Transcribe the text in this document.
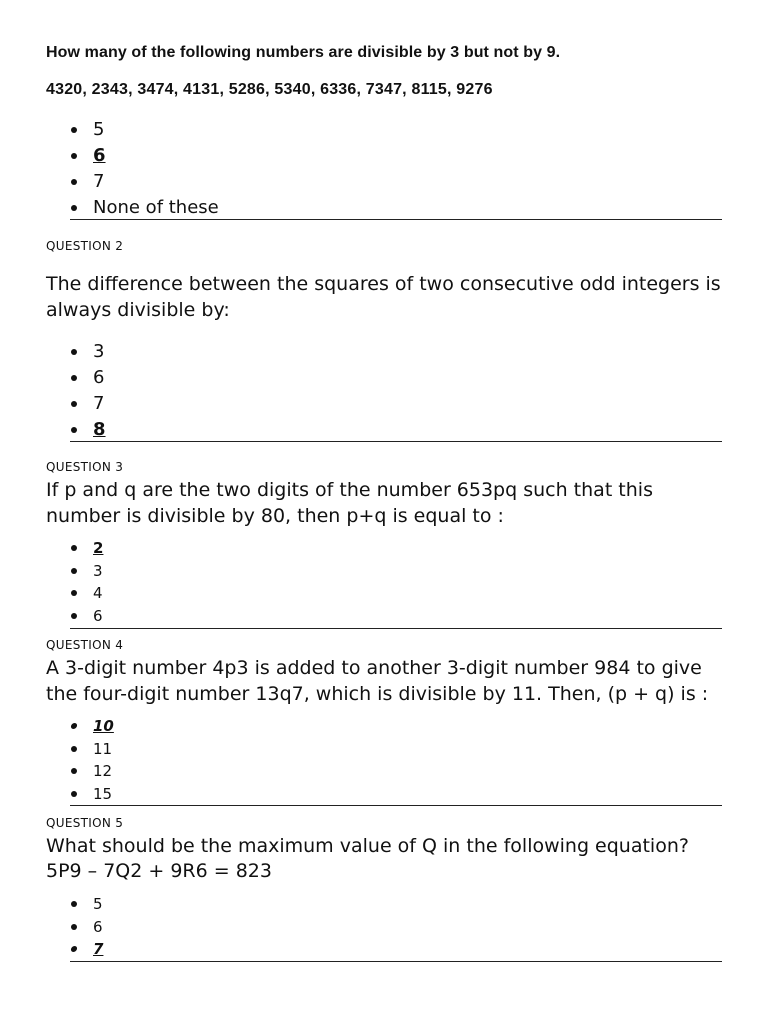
How many of the following numbers are divisible by 3 but not by 9.
4320, 2343, 3474, 4131, 5286, 5340, 6336, 7347, 8115, 9276
5
6
7
None of these
QUESTION 2
The difference between the squares of two consecutive odd integers is always divisible by:
3
6
7
8
QUESTION 3
If p and q are the two digits of the number 653pq such that this number is divisible by 80, then p+q is equal to :
2
3
4
6
QUESTION 4
A 3-digit number 4p3 is added to another 3-digit number 984 to give the four-digit number 13q7, which is divisible by 11. Then, (p + q) is :
10
11
12
15
QUESTION 5
What should be the maximum value of Q in the following equation?
5P9 – 7Q2 + 9R6 = 823
5
6
7
